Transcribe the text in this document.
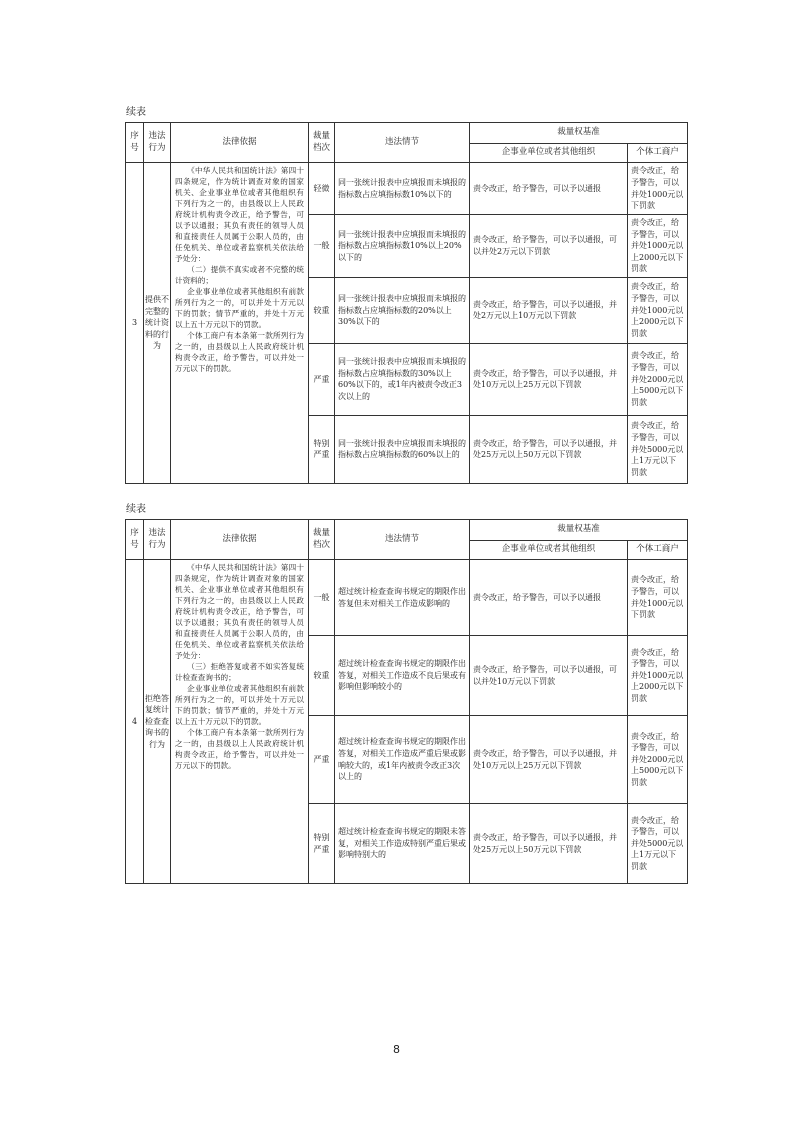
续表
序号	违法行为	法律依据	裁量档次	违法情节	裁量权基准	
					企事业单位或者其他组织	个体工商户
3	提供不完整的统计资料的行为	《中华人民共和国统计法》第四十四条规定，作为统计调查对象的国家机关、企业事业单位或者其他组织有下列行为之一的，由县级以上人民政府统计机构责令改正，给予警告，可以予以通报；其负有责任的领导人员和直接责任人员属于公职人员的，由任免机关、单位或者监察机关依法给予处分：

（二）提供不真实或者不完整的统计资料的；

企业事业单位或者其他组织有前款所列行为之一的，可以并处十万元以下的罚款；情节严重的，并处十万元以上五十万元以下的罚款。

个体工商户有本条第一款所列行为之一的，由县级以上人民政府统计机构责令改正，给予警告，可以并处一万元以下的罚款。	轻微	同一张统计报表中应填报而未填报的指标数占应填指标数10%以下的	责令改正，给予警告，可以予以通报	责令改正，给予警告，可以并处1000元以下罚款
			一般	同一张统计报表中应填报而未填报的指标数占应填指标数10%以上20%以下的	责令改正，给予警告，可以予以通报，可以并处2万元以下罚款	责令改正，给予警告，可以并处1000元以上2000元以下罚款
			较重	同一张统计报表中应填报而未填报的指标数占应填指标数的20%以上30%以下的	责令改正，给予警告，可以予以通报，并处2万元以上10万元以下罚款	责令改正，给予警告，可以并处1000元以上2000元以下罚款
			严重	同一张统计报表中应填报而未填报的指标数占应填指标数的30%以上60%以下的，或1年内被责令改正3次以上的	责令改正，给予警告，可以予以通报，并处10万元以上25万元以下罚款	责令改正，给予警告，可以并处2000元以上5000元以下罚款
			特别严重	同一张统计报表中应填报而未填报的指标数占应填指标数的60%以上的	责令改正，给予警告，可以予以通报，并处25万元以上50万元以下罚款	责令改正，给予警告，可以并处5000元以上1万元以下罚款
续表
序号	违法行为	法律依据	裁量档次	违法情节	裁量权基准	
					企事业单位或者其他组织	个体工商户
4	拒绝答复统计检查查询书的行为	《中华人民共和国统计法》第四十四条规定，作为统计调查对象的国家机关、企业事业单位或者其他组织有下列行为之一的，由县级以上人民政府统计机构责令改正，给予警告，可以予以通报；其负有责任的领导人员和直接责任人员属于公职人员的，由任免机关、单位或者监察机关依法给予处分：

（三）拒绝答复或者不如实答复统计检查查询书的；

企业事业单位或者其他组织有前款所列行为之一的，可以并处十万元以下的罚款；情节严重的，并处十万元以上五十万元以下的罚款。

个体工商户有本条第一款所列行为之一的，由县级以上人民政府统计机构责令改正，给予警告，可以并处一万元以下的罚款。	一般	超过统计检查查询书规定的期限作出答复但未对相关工作造成影响的	责令改正，给予警告，可以予以通报	责令改正，给予警告，可以并处1000元以下罚款
			较重	超过统计检查查询书规定的期限作出答复，对相关工作造成不良后果或有影响但影响较小的	责令改正，给予警告，可以予以通报，可以并处10万元以下罚款	责令改正，给予警告，可以并处1000元以上2000元以下罚款
			严重	超过统计检查查询书规定的期限作出答复，对相关工作造成严重后果或影响较大的，或1年内被责令改正3次以上的	责令改正，给予警告，可以予以通报，并处10万元以上25万元以下罚款	责令改正，给予警告，可以并处2000元以上5000元以下罚款
			特别严重	超过统计检查查询书规定的期限未答复，对相关工作造成特别严重后果或影响特别大的	责令改正，给予警告，可以予以通报，并处25万元以上50万元以下罚款	责令改正，给予警告，可以并处5000元以上1万元以下罚款
8
